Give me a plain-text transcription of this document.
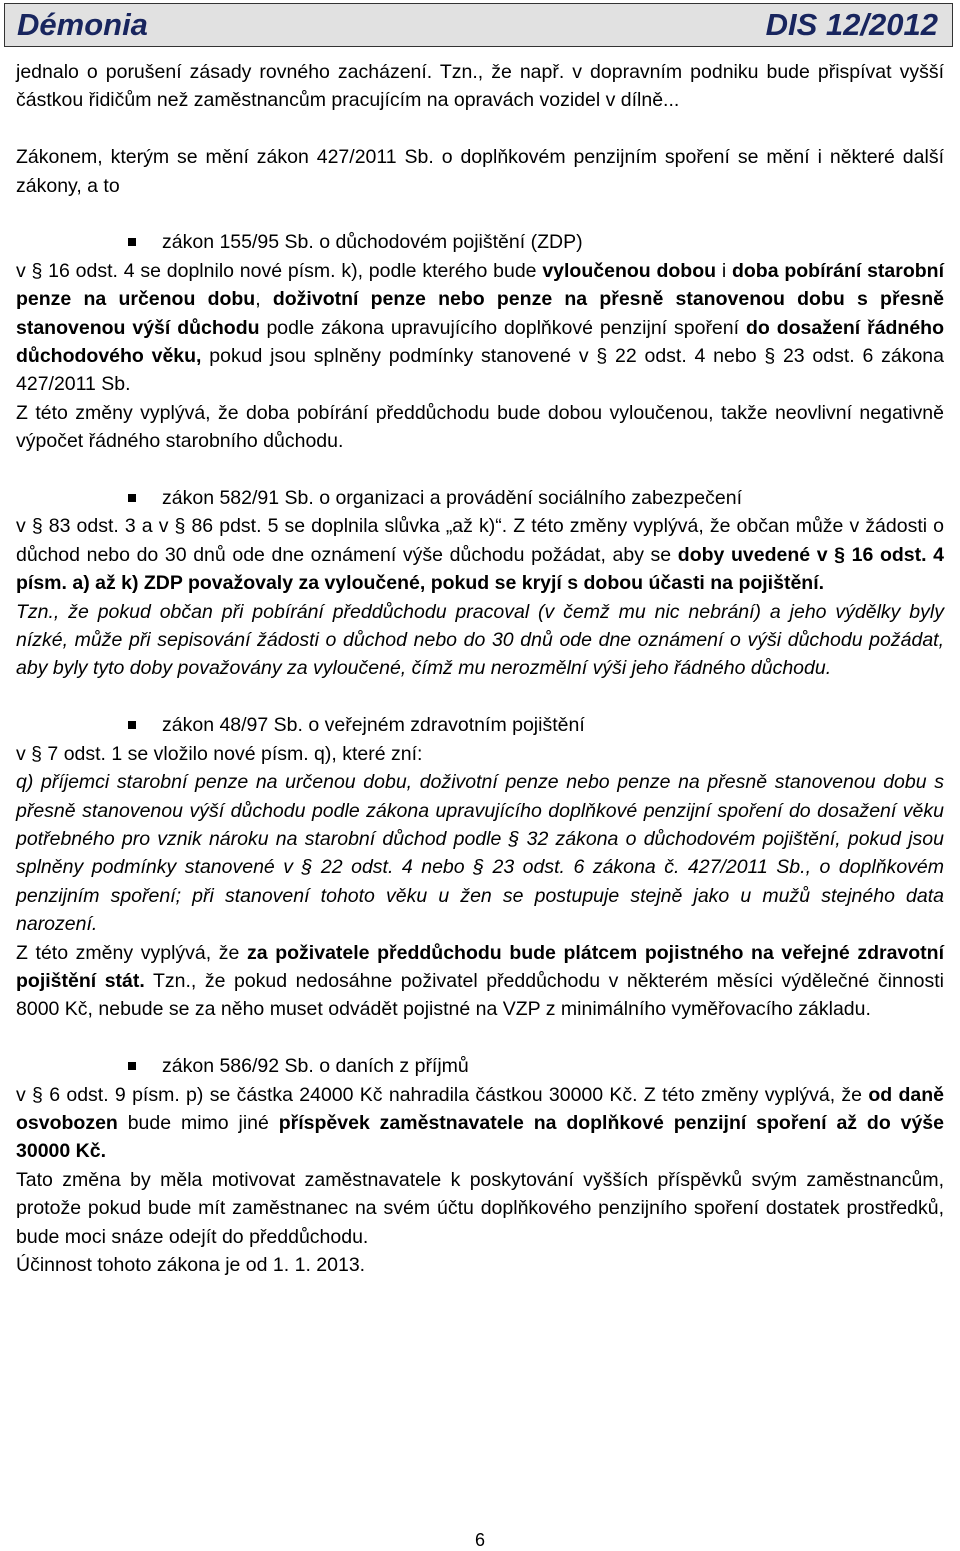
Démonia	DIS 12/2012

jednalo o porušení zásady rovného zacházení. Tzn., že např. v dopravním podniku bude přispívat vyšší částkou řidičům než zaměstnancům pracujícím na opravách vozidel v dílně...

Zákonem, kterým se mění zákon 427/2011 Sb. o doplňkovém penzijním spoření se mění i některé další zákony, a to

zákon 155/95 Sb. o důchodovém pojištění (ZDP)

v § 16 odst. 4 se doplnilo nové písm. k), podle kterého bude vyloučenou dobou i doba pobírání starobní penze na určenou dobu, doživotní penze nebo penze na přesně stanovenou dobu s přesně stanovenou výší důchodu podle zákona upravujícího doplňkové penzijní spoření do dosažení řádného důchodového věku, pokud jsou splněny podmínky stanovené v § 22 odst. 4 nebo § 23 odst. 6 zákona 427/2011 Sb.

Z této změny vyplývá, že doba pobírání předdůchodu bude dobou vyloučenou, takže neovlivní negativně výpočet řádného starobního důchodu.

zákon 582/91 Sb. o organizaci a provádění sociálního zabezpečení

v § 83 odst. 3 a v § 86 pdst. 5 se doplnila slůvka „až k)“. Z této změny vyplývá, že občan může v žádosti o důchod nebo do 30 dnů ode dne oznámení výše důchodu požádat, aby se doby uvedené v § 16 odst. 4 písm. a) až k) ZDP považovaly za vyloučené, pokud se kryjí s dobou účasti na pojištění.

Tzn., že pokud občan při pobírání předdůchodu pracoval (v čemž mu nic nebrání) a jeho výdělky byly nízké, může při sepisování žádosti o důchod nebo do 30 dnů ode dne oznámení o výši důchodu požádat, aby byly tyto doby považovány za vyloučené, čímž mu nerozmělní výši jeho řádného důchodu.

zákon 48/97 Sb. o veřejném zdravotním pojištění

v § 7 odst. 1 se vložilo nové písm. q), které zní:

q) příjemci starobní penze na určenou dobu, doživotní penze nebo penze na přesně stanovenou dobu s přesně stanovenou výší důchodu podle zákona upravujícího doplňkové penzijní spoření do dosažení věku potřebného pro vznik nároku na starobní důchod podle § 32 zákona o důchodovém pojištění, pokud jsou splněny podmínky stanovené v § 22 odst. 4 nebo § 23 odst. 6 zákona č. 427/2011 Sb., o doplňkovém penzijním spoření; při stanovení tohoto věku u žen se postupuje stejně jako u mužů stejného data narození.

Z této změny vyplývá, že za poživatele předdůchodu bude plátcem pojistného na veřejné zdravotní pojištění stát. Tzn., že pokud nedosáhne poživatel předdůchodu v některém měsíci výdělečné činnosti 8000 Kč, nebude se za něho muset odvádět pojistné na VZP z minimálního vyměřovacího základu.

zákon 586/92 Sb. o daních z příjmů

v § 6 odst. 9 písm. p) se částka 24000 Kč nahradila částkou 30000 Kč. Z této změny vyplývá, že od daně osvobozen bude mimo jiné příspěvek zaměstnavatele na doplňkové penzijní spoření až do výše 30000 Kč.

Tato změna by měla motivovat zaměstnavatele k poskytování vyšších příspěvků svým zaměstnancům, protože pokud bude mít zaměstnanec na svém účtu doplňkového penzijního spoření dostatek prostředků, bude moci snáze odejít do předdůchodu.

Účinnost tohoto zákona je od 1. 1. 2013.

6
